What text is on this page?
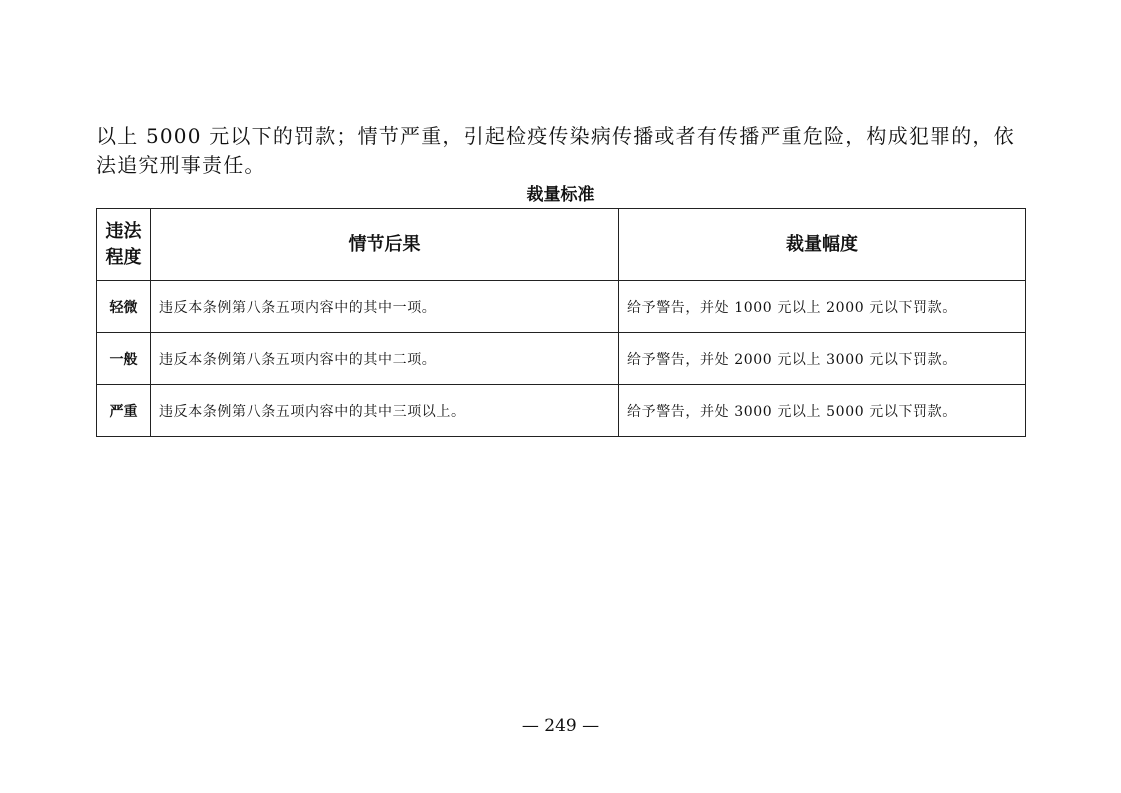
以上 5000 元以下的罚款；情节严重，引起检疫传染病传播或者有传播严重危险，构成犯罪的，依法追究刑事责任。

裁量标准
违法程度	情节后果	裁量幅度
轻微	违反本条例第八条五项内容中的其中一项。	给予警告，并处 1000 元以上 2000 元以下罚款。
一般	违反本条例第八条五项内容中的其中二项。	给予警告，并处 2000 元以上 3000 元以下罚款。
严重	违反本条例第八条五项内容中的其中三项以上。	给予警告，并处 3000 元以上 5000 元以下罚款。
— 249 —
